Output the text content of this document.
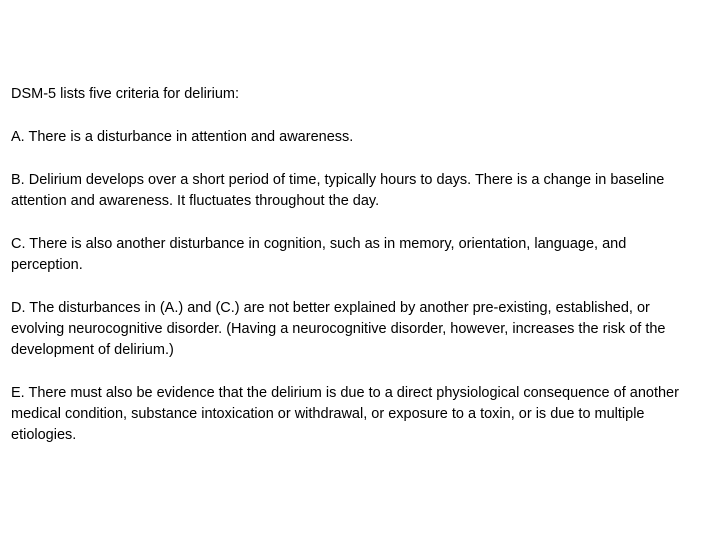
DSM-5 lists five criteria for delirium:

A. There is a disturbance in attention and awareness.

B. Delirium develops over a short period of time, typically hours to days. There is a change in baseline attention and awareness. It fluctuates throughout the day.

C. There is also another disturbance in cognition, such as in memory, orientation, language, and perception.

D. The disturbances in (A.) and (C.) are not better explained by another pre-existing, established, or evolving neurocognitive disorder. (Having a neurocognitive disorder, however, increases the risk of the development of delirium.)

E. There must also be evidence that the delirium is due to a direct physiological consequence of another medical condition, substance intoxication or withdrawal, or exposure to a toxin, or is due to multiple etiologies.
